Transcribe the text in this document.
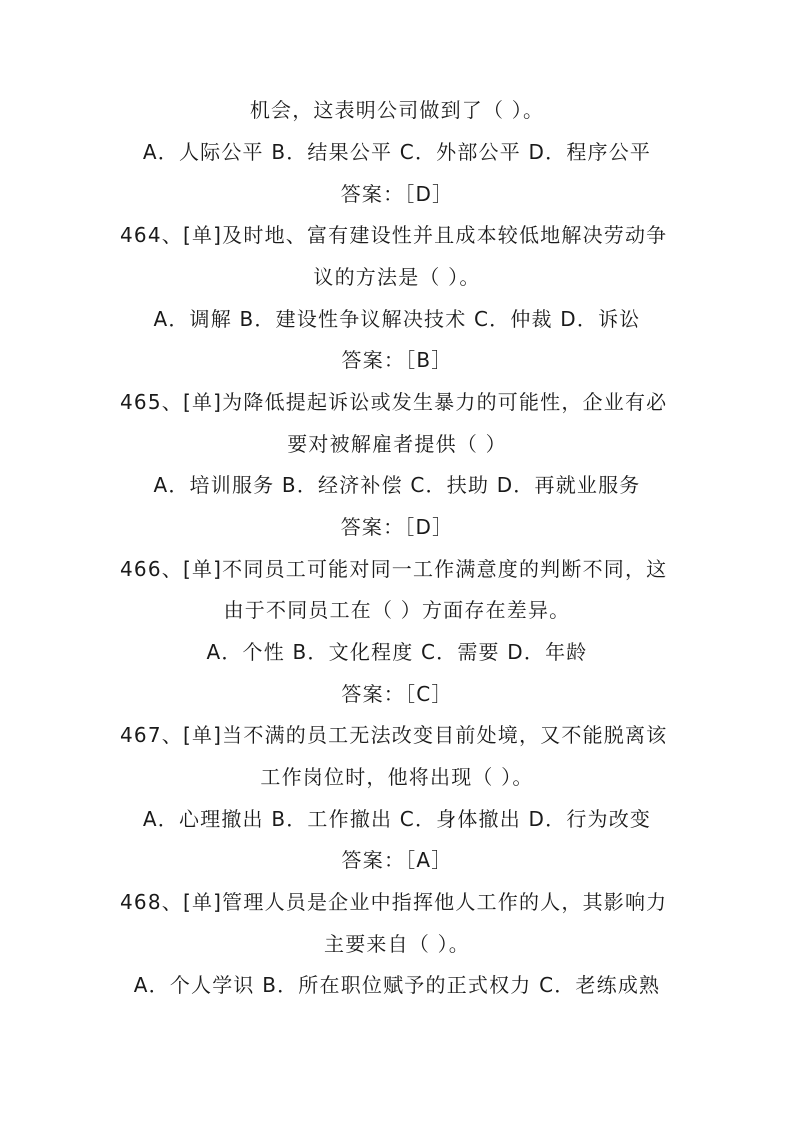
机会，这表明公司做到了（ ）。
A．人际公平 B．结果公平 C．外部公平 D．程序公平
答案：［D］
464、[单]及时地、富有建设性并且成本较低地解决劳动争
议的方法是（ ）。
A．调解 B．建设性争议解决技术 C．仲裁 D．诉讼
答案：［B］
465、[单]为降低提起诉讼或发生暴力的可能性，企业有必
要对被解雇者提供（ ）
A．培训服务 B．经济补偿 C．扶助 D．再就业服务
答案：［D］
466、[单]不同员工可能对同一工作满意度的判断不同，这
由于不同员工在（ ）方面存在差异。
A．个性 B．文化程度 C．需要 D．年龄
答案：［C］
467、[单]当不满的员工无法改变目前处境，又不能脱离该
工作岗位时，他将出现（ ）。
A．心理撤出 B．工作撤出 C．身体撤出 D．行为改变
答案：［A］
468、[单]管理人员是企业中指挥他人工作的人，其影响力
主要来自（ ）。
A．个人学识 B．所在职位赋予的正式权力 C．老练成熟
